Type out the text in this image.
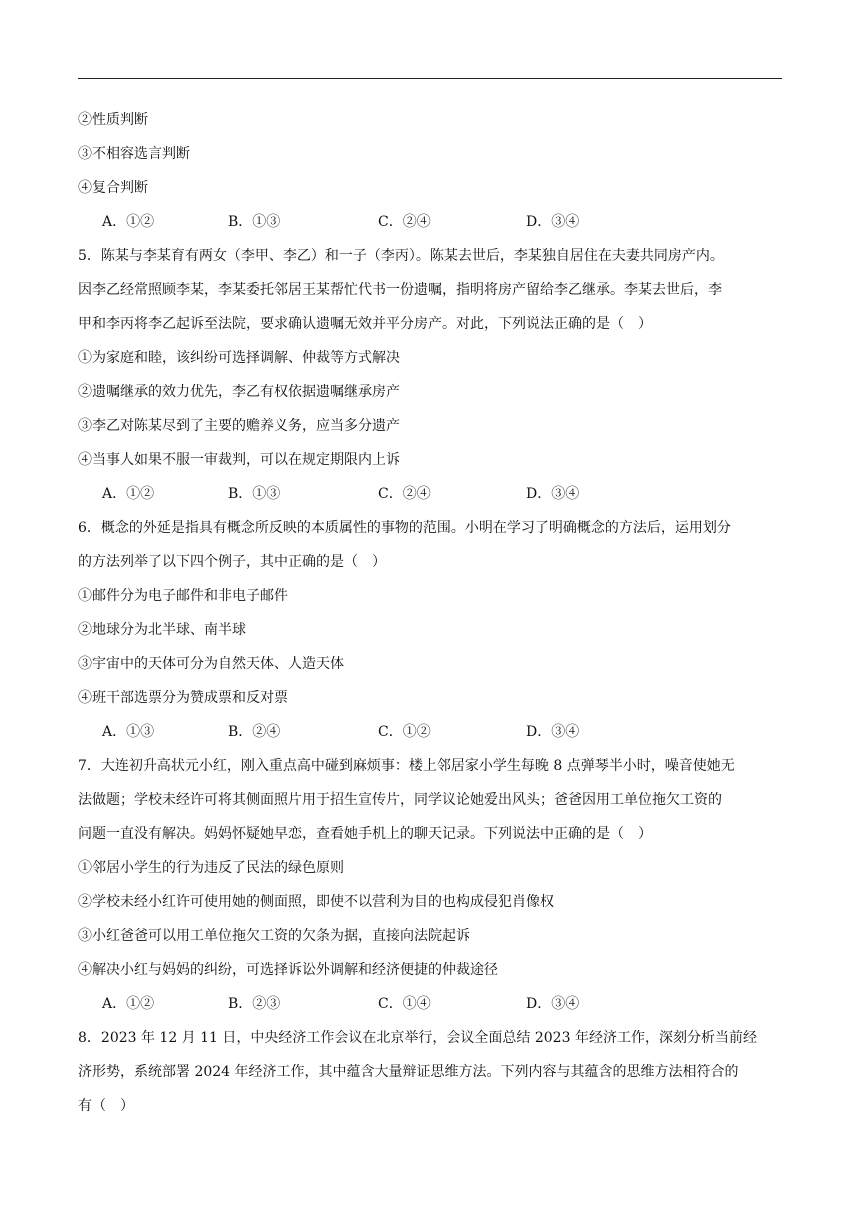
②性质判断
③不相容选言判断
④复合判断
A．①②	B．①③	C．②④	D．③④
5．陈某与李某育有两女（李甲、李乙）和一子（李丙）。陈某去世后，李某独自居住在夫妻共同房产内。
因李乙经常照顾李某，李某委托邻居王某帮忙代书一份遗嘱，指明将房产留给李乙继承。李某去世后，李
甲和李丙将李乙起诉至法院，要求确认遗嘱无效并平分房产。对此，下列说法正确的是（　）
①为家庭和睦，该纠纷可选择调解、仲裁等方式解决
②遗嘱继承的效力优先，李乙有权依据遗嘱继承房产
③李乙对陈某尽到了主要的赡养义务，应当多分遗产
④当事人如果不服一审裁判，可以在规定期限内上诉
A．①②	B．①③	C．②④	D．③④
6．概念的外延是指具有概念所反映的本质属性的事物的范围。小明在学习了明确概念的方法后，运用划分
的方法列举了以下四个例子，其中正确的是（　）
①邮件分为电子邮件和非电子邮件
②地球分为北半球、南半球
③宇宙中的天体可分为自然天体、人造天体
④班干部选票分为赞成票和反对票
A．①③	B．②④	C．①②	D．③④
7．大连初升高状元小红，刚入重点高中碰到麻烦事：楼上邻居家小学生每晚 8 点弹琴半小时，噪音使她无
法做题；学校未经许可将其侧面照片用于招生宣传片，同学议论她爱出风头；爸爸因用工单位拖欠工资的
问题一直没有解决。妈妈怀疑她早恋，查看她手机上的聊天记录。下列说法中正确的是（　）
①邻居小学生的行为违反了民法的绿色原则
②学校未经小红许可使用她的侧面照，即使不以营利为目的也构成侵犯肖像权
③小红爸爸可以用工单位拖欠工资的欠条为据，直接向法院起诉
④解决小红与妈妈的纠纷，可选择诉讼外调解和经济便捷的仲裁途径
A．①②	B．②③	C．①④	D．③④
8．2023 年 12 月 11 日，中央经济工作会议在北京举行，会议全面总结 2023 年经济工作，深刻分析当前经
济形势，系统部署 2024 年经济工作，其中蕴含大量辩证思维方法。下列内容与其蕴含的思维方法相符合的
有（　）
